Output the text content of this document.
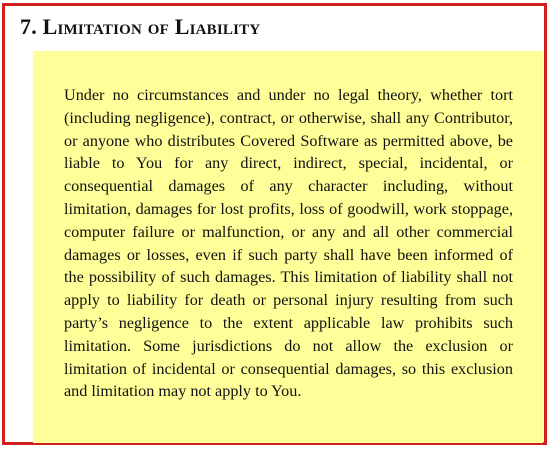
7. Limitation of Liability

Under no circumstances and under no legal theory, whether tort (including negligence), contract, or otherwise, shall any Contributor, or anyone who distributes Covered Software as permitted above, be liable to You for any direct, indirect, special, incidental, or consequential damages of any character including, without limitation, damages for lost profits, loss of goodwill, work stoppage, computer failure or malfunction, or any and all other commercial damages or losses, even if such party shall have been informed of the possibility of such damages. This limitation of liability shall not apply to liability for death or personal injury resulting from such party’s negligence to the extent applicable law prohibits such limitation. Some jurisdictions do not allow the exclusion or limitation of incidental or consequential damages, so this exclusion and limitation may not apply to You.
